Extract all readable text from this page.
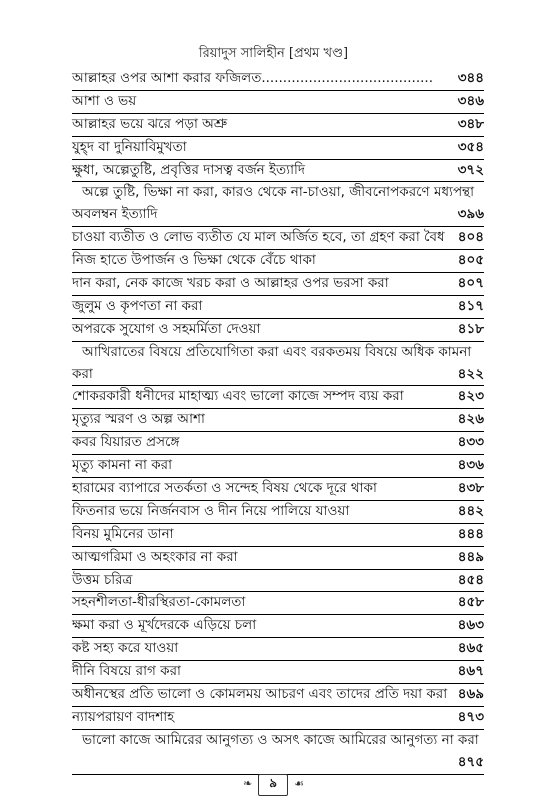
রিয়াদুস সালিহীন [প্রথম খণ্ড]
আল্লাহর ওপর আশা করার ফজিলত........................................ ৩৪৪
আশা ও ভয়	৩৪৬
আল্লাহর ভয়ে ঝরে পড়া অশ্রু	৩৪৮
যুহ্‌দ বা দুনিয়াবিমুখতা	৩৫৪
ক্ষুধা, অল্পেতুষ্টি, প্রবৃত্তির দাসত্ব বর্জন ইত্যাদি	৩৭২
অল্পে তুষ্টি, ভিক্ষা না করা, কারও থেকে না-চাওয়া, জীবনোপকরণে মধ্যপন্থা
অবলম্বন ইত্যাদি	৩৯৬
চাওয়া ব্যতীত ও লোভ ব্যতীত যে মাল অর্জিত হবে, তা গ্রহণ করা বৈধ ৪০৪
নিজ হাতে উপার্জন ও ভিক্ষা থেকে বেঁচে থাকা	৪০৫
দান করা, নেক কাজে খরচ করা ও আল্লাহর ওপর ভরসা করা	৪০৭
জুলুম ও কৃপণতা না করা	৪১৭
অপরকে সুযোগ ও সহমর্মিতা দেওয়া	৪১৮
আখিরাতের বিষয়ে প্রতিযোগিতা করা এবং বরকতময় বিষয়ে অধিক কামনা
করা	৪২২
শোকরকারী ধনীদের মাহাত্ম্য এবং ভালো কাজে সম্পদ ব্যয় করা	৪২৩
মৃত্যুর স্মরণ ও অল্প আশা	৪২৬
কবর যিয়ারত প্রসঙ্গে	৪৩৩
মৃত্যু কামনা না করা	৪৩৬
হারামের ব্যাপারে সতর্কতা ও সন্দেহ বিষয় থেকে দূরে থাকা	৪৩৮
ফিতনার ভয়ে নির্জনবাস ও দীন নিয়ে পালিয়ে যাওয়া	৪৪২
বিনয় মুমিনের ডানা	৪৪৪
আত্মগরিমা ও অহংকার না করা	৪৪৯
উত্তম চরিত্র	৪৫৪
সহনশীলতা-ধীরস্থিরতা-কোমলতা	৪৫৮
ক্ষমা করা ও মূর্খদেরকে এড়িয়ে চলা	৪৬৩
কষ্ট সহ্য করে যাওয়া	৪৬৫
দীনি বিষয়ে রাগ করা	৪৬৭
অধীনস্থের প্রতি ভালো ও কোমলময় আচরণ এবং তাদের প্রতি দয়া করা ৪৬৯
ন্যায়পরায়ণ বাদশাহ	৪৭৩
ভালো কাজে আমিরের আনুগত্য ও অসৎ কাজে আমিরের আনুগত্য না করা
৪৭৫
❧ ৯ ☙
